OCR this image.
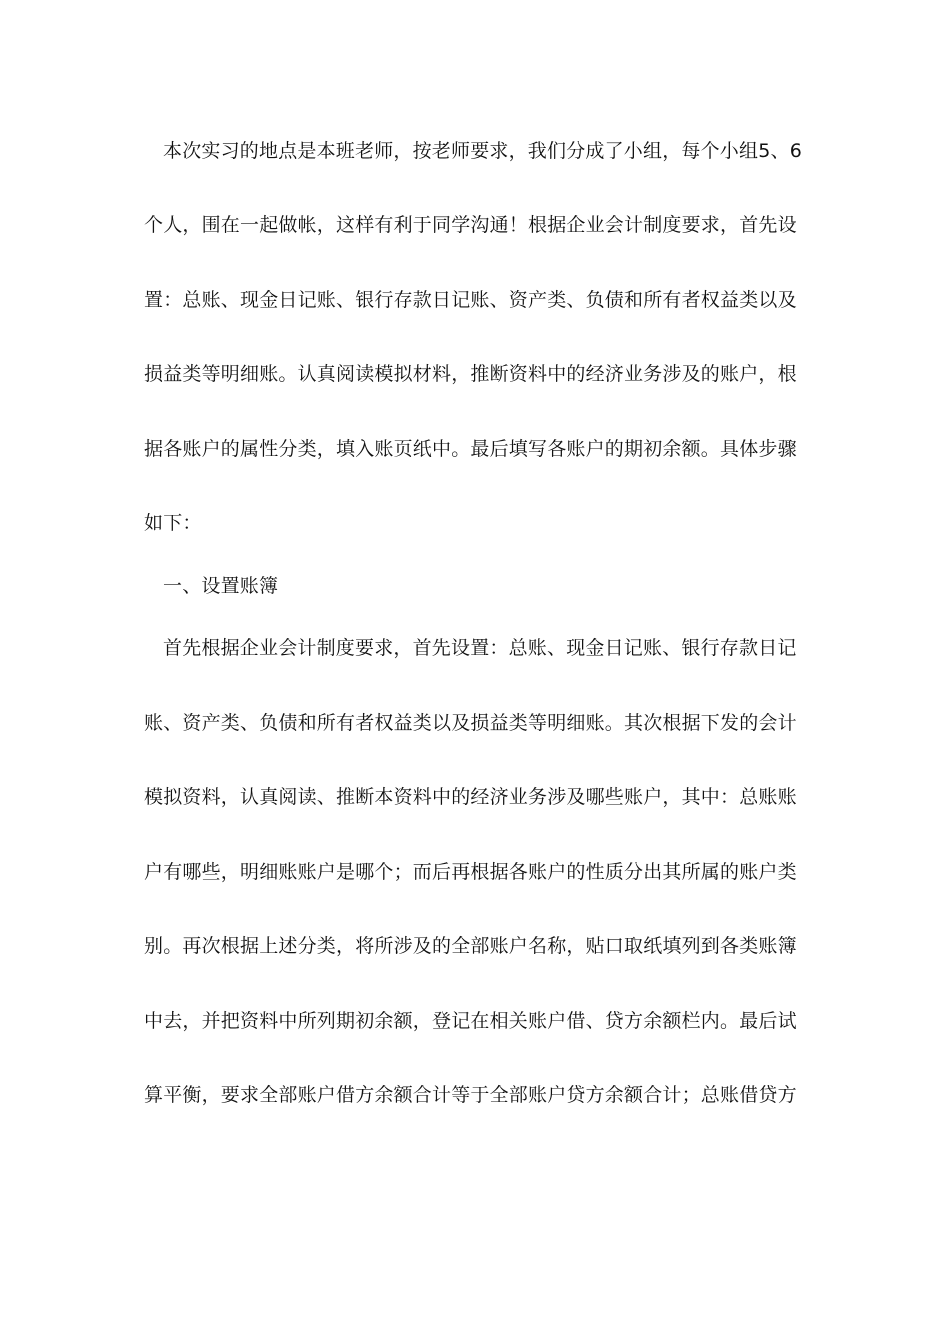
本次实习的地点是本班老师，按老师要求，我们分成了小组，每个小组5、6
个人，围在一起做帐，这样有利于同学沟通！根据企业会计制度要求，首先设
置：总账、现金日记账、银行存款日记账、资产类、负债和所有者权益类以及
损益类等明细账。认真阅读模拟材料，推断资料中的经济业务涉及的账户，根
据各账户的属性分类，填入账页纸中。最后填写各账户的期初余额。具体步骤
如下：
一、设置账簿
首先根据企业会计制度要求，首先设置：总账、现金日记账、银行存款日记
账、资产类、负债和所有者权益类以及损益类等明细账。其次根据下发的会计
模拟资料，认真阅读、推断本资料中的经济业务涉及哪些账户，其中：总账账
户有哪些，明细账账户是哪个；而后再根据各账户的性质分出其所属的账户类
别。再次根据上述分类，将所涉及的全部账户名称，贴口取纸填列到各类账簿
中去，并把资料中所列期初余额，登记在相关账户借、贷方余额栏内。最后试
算平衡，要求全部账户借方余额合计等于全部账户贷方余额合计；总账借贷方
